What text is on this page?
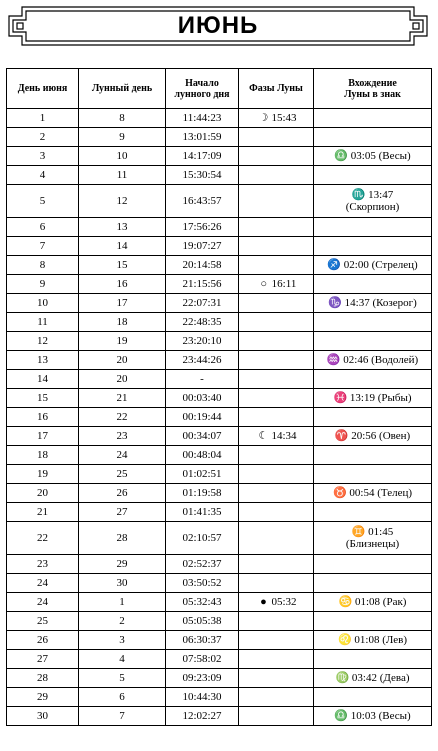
ИЮНЬ
День июня	Лунный день	Начало
лунного дня	Фазы Луны	Вхождение
Луны в знак
1	8	11:44:23	☽ 15:43	
2	9	13:01:59		
3	10	14:17:09		♎ 03:05 (Весы)
4	11	15:30:54		
5	12	16:43:57		♏ 13:47
(Скорпион)
6	13	17:56:26		
7	14	19:07:27		
8	15	20:14:58		♐ 02:00 (Стрелец)
9	16	21:15:56	○ 16:11	
10	17	22:07:31		♑ 14:37 (Козерог)
11	18	22:48:35		
12	19	23:20:10		
13	20	23:44:26		♒ 02:46 (Водолей)
14	20	-		
15	21	00:03:40		♓ 13:19 (Рыбы)
16	22	00:19:44		
17	23	00:34:07	☾ 14:34	♈ 20:56 (Овен)
18	24	00:48:04		
19	25	01:02:51		
20	26	01:19:58		♉ 00:54 (Телец)
21	27	01:41:35		
22	28	02:10:57		♊ 01:45
(Близнецы)
23	29	02:52:37		
24	30	03:50:52		
24	1	05:32:43	● 05:32	♋ 01:08 (Рак)
25	2	05:05:38		
26	3	06:30:37		♌ 01:08 (Лев)
27	4	07:58:02		
28	5	09:23:09		♍ 03:42 (Дева)
29	6	10:44:30		
30	7	12:02:27		♎ 10:03 (Весы)
